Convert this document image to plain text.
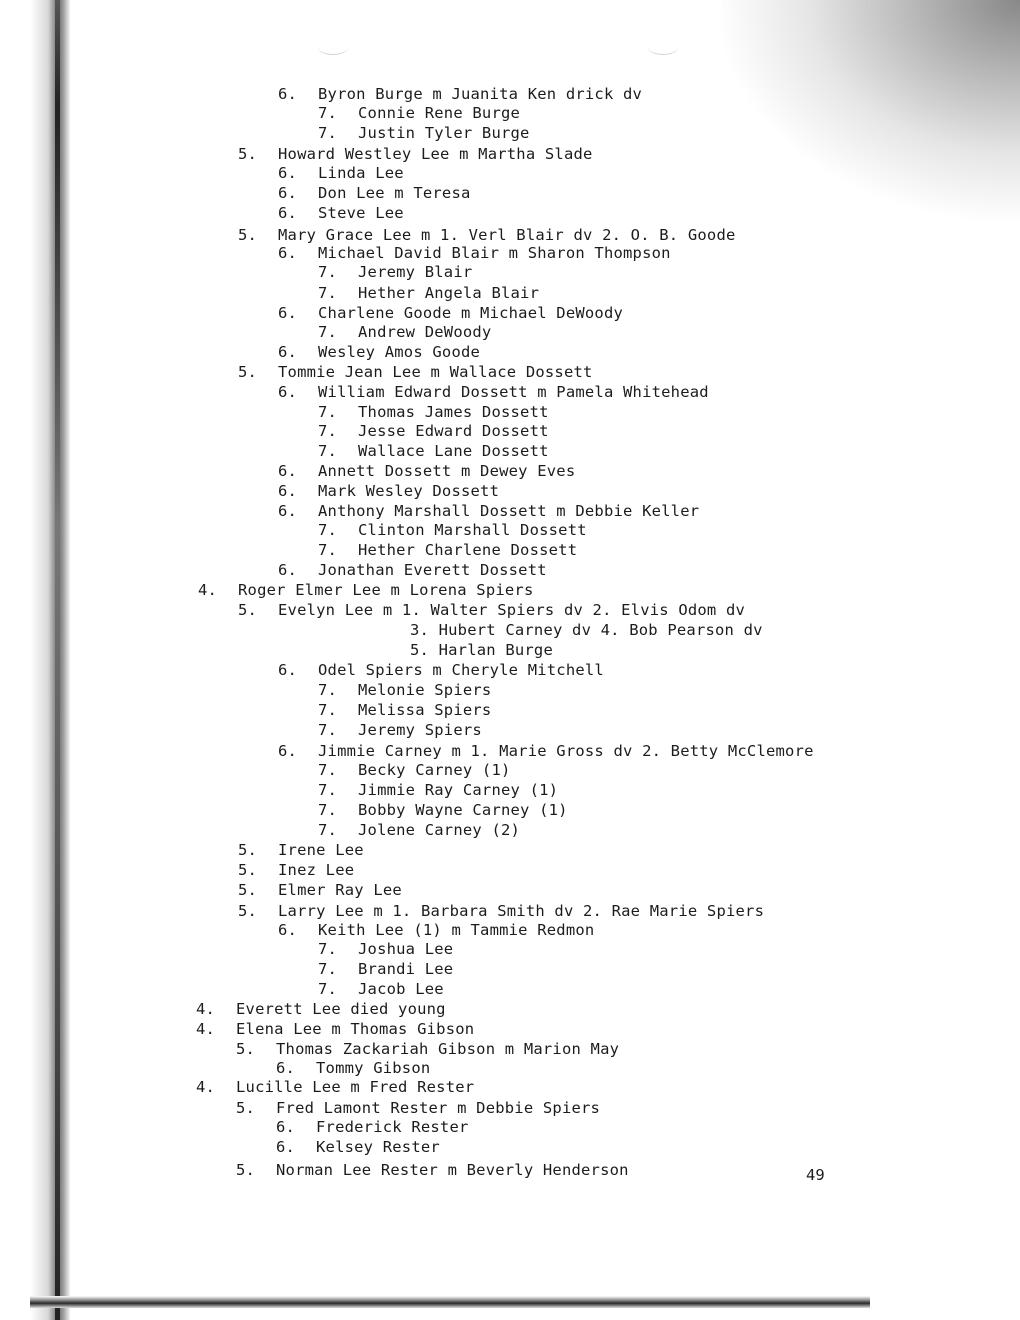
6. Byron Burge m Juanita Ken drick dv
7. Connie Rene Burge
7. Justin Tyler Burge
5. Howard Westley Lee m Martha Slade
6. Linda Lee
6. Don Lee m Teresa
6. Steve Lee
5. Mary Grace Lee m 1. Verl Blair dv 2. O. B. Goode
6. Michael David Blair m Sharon Thompson
7. Jeremy Blair
7. Hether Angela Blair
6. Charlene Goode m Michael DeWoody
7. Andrew DeWoody
6. Wesley Amos Goode
5. Tommie Jean Lee m Wallace Dossett
6. William Edward Dossett m Pamela Whitehead
7. Thomas James Dossett
7. Jesse Edward Dossett
7. Wallace Lane Dossett
6. Annett Dossett m Dewey Eves
6. Mark Wesley Dossett
6. Anthony Marshall Dossett m Debbie Keller
7. Clinton Marshall Dossett
7. Hether Charlene Dossett
6. Jonathan Everett Dossett
4. Roger Elmer Lee m Lorena Spiers
5. Evelyn Lee m 1. Walter Spiers dv 2. Elvis Odom dv
3. Hubert Carney dv 4. Bob Pearson dv
5. Harlan Burge
6. Odel Spiers m Cheryle Mitchell
7. Melonie Spiers
7. Melissa Spiers
7. Jeremy Spiers
6. Jimmie Carney m 1. Marie Gross dv 2. Betty McClemore
7. Becky Carney (1)
7. Jimmie Ray Carney (1)
7. Bobby Wayne Carney (1)
7. Jolene Carney (2)
5. Irene Lee
5. Inez Lee
5. Elmer Ray Lee
5. Larry Lee m 1. Barbara Smith dv 2. Rae Marie Spiers
6. Keith Lee (1) m Tammie Redmon
7. Joshua Lee
7. Brandi Lee
7. Jacob Lee
4. Everett Lee died young
4. Elena Lee m Thomas Gibson
5. Thomas Zackariah Gibson m Marion May
6. Tommy Gibson
4. Lucille Lee m Fred Rester
5. Fred Lamont Rester m Debbie Spiers
6. Frederick Rester
6. Kelsey Rester
5. Norman Lee Rester m Beverly Henderson	49
